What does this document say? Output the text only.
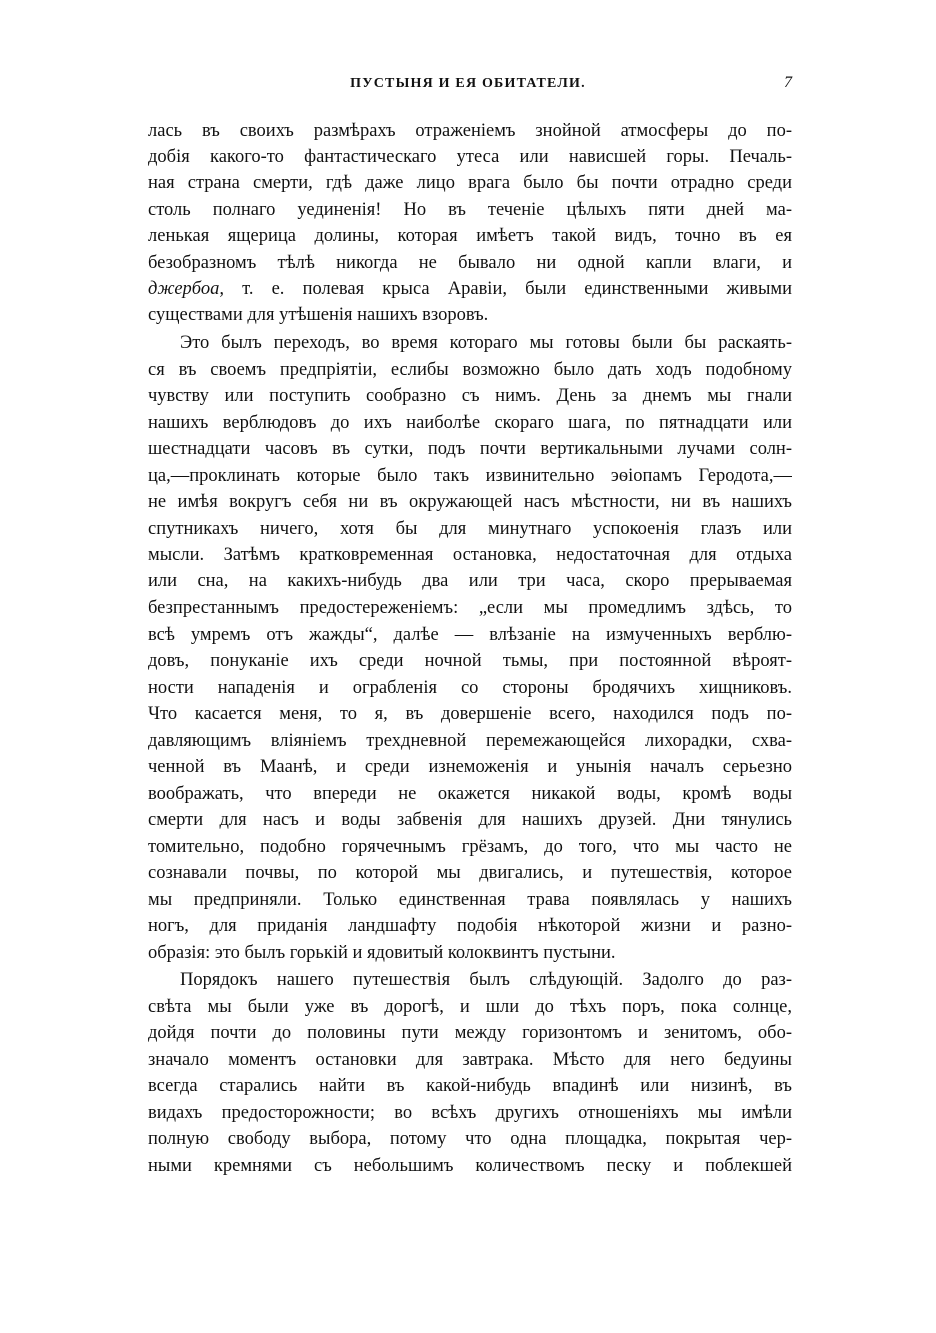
ПУСТЫНЯ И ЕЯ ОБИТАТЕЛИ.	7
лась въ своихъ размѣрахъ отраженіемъ знойной атмосферы до по-
добія какого-то фантастическаго утеса или нависшей горы. Печаль-
ная страна смерти, гдѣ даже лицо врага было бы почти отрадно среди
столь полнаго уединенія! Но въ теченіе цѣлыхъ пяти дней ма-
ленькая ящерица долины, которая имѣетъ такой видъ, точно въ ея
безобразномъ тѣлѣ никогда не бывало ни одной капли влаги, и
джербоа, т. е. полевая крыса Аравіи, были единственными живыми
существами для утѣшенія нашихъ взоровъ.
Это былъ переходъ, во время котораго мы готовы были бы раскаять-
ся въ своемъ предпріятіи, еслибы возможно было дать ходъ подобному
чувству или поступить сообразно съ нимъ. День за днемъ мы гнали
нашихъ верблюдовъ до ихъ наиболѣе скораго шага, по пятнадцати или
шестнадцати часовъ въ сутки, подъ почти вертикальными лучами солн-
ца,—проклинать которые было такъ извинительно эѳіопамъ Геродота,—
не имѣя вокругъ себя ни въ окружающей насъ мѣстности, ни въ нашихъ
спутникахъ ничего, хотя бы для минутнаго успокоенія глазъ или
мысли. Затѣмъ кратковременная остановка, недостаточная для отдыха
или сна, на какихъ-нибудь два или три часа, скоро прерываемая
безпрестаннымъ предостереженіемъ: „если мы промедлимъ здѣсь, то
всѣ умремъ отъ жажды“, далѣе — влѣзаніе на измученныхъ верблю-
довъ, понуканіе ихъ среди ночной тьмы, при постоянной вѣроят-
ности нападенія и ограбленія со стороны бродячихъ хищниковъ.
Что касается меня, то я, въ довершеніе всего, находился подъ по-
давляющимъ вліяніемъ трехдневной перемежающейся лихорадки, схва-
ченной въ Маанѣ, и среди изнеможенія и унынія началъ серьезно
воображать, что впереди не окажется никакой воды, кромѣ воды
смерти для насъ и воды забвенія для нашихъ друзей. Дни тянулись
томительно, подобно горячечнымъ грёзамъ, до того, что мы часто не
сознавали почвы, по которой мы двигались, и путешествія, которое
мы предприняли. Только единственная трава появлялась у нашихъ
ногъ, для приданія ландшафту подобія нѣкоторой жизни и разно-
образія: это былъ горькій и ядовитый колоквинтъ пустыни.
Порядокъ нашего путешествія былъ слѣдующій. Задолго до раз-
свѣта мы были уже въ дорогѣ, и шли до тѣхъ поръ, пока солнце,
дойдя почти до половины пути между горизонтомъ и зенитомъ, обо-
значало моментъ остановки для завтрака. Мѣсто для него бедуины
всегда старались найти въ какой-нибудь впадинѣ или низинѣ, въ
видахъ предосторожности; во всѣхъ другихъ отношеніяхъ мы имѣли
полную свободу выбора, потому что одна площадка, покрытая чер-
ными кремнями съ небольшимъ количествомъ песку и поблекшей
